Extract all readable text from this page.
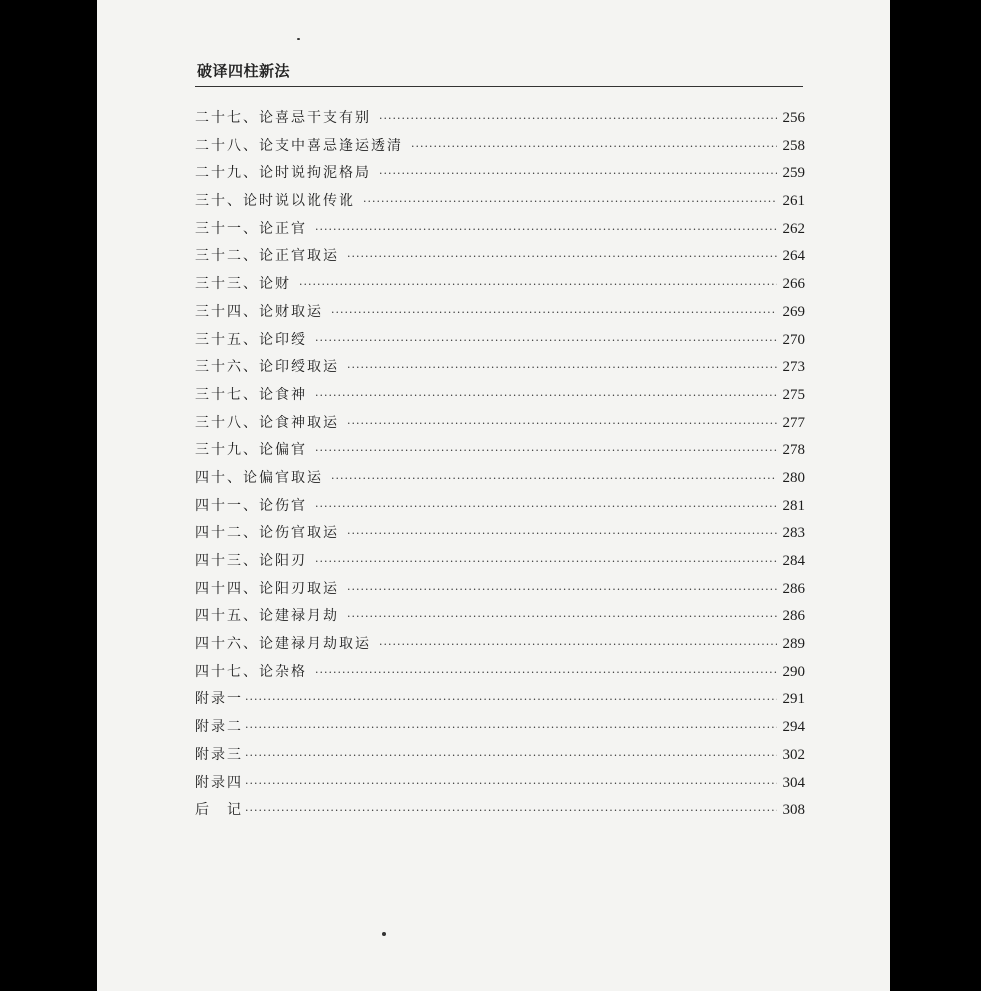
破译四柱新法
二十七、论喜忌干支有别 ·····	256
二十八、论支中喜忌逢运透清 ·····	258
二十九、论时说拘泥格局 ·····	259
三十、论时说以讹传讹 ·····	261
三十一、论正官 ·····	262
三十二、论正官取运 ·····	264
三十三、论财 ·····	266
三十四、论财取运 ·····	269
三十五、论印绶 ·····	270
三十六、论印绶取运 ·····	273
三十七、论食神 ·····	275
三十八、论食神取运 ·····	277
三十九、论偏官 ·····	278
四十、论偏官取运 ·····	280
四十一、论伤官 ·····	281
四十二、论伤官取运 ·····	283
四十三、论阳刃 ·····	284
四十四、论阳刃取运 ·····	286
四十五、论建禄月劫 ·····	286
四十六、论建禄月劫取运 ·····	289
四十七、论杂格 ·····	290
附录一 ·····	291
附录二 ·····	294
附录三 ·····	302
附录四 ·····	304
后　记 ·····	308
